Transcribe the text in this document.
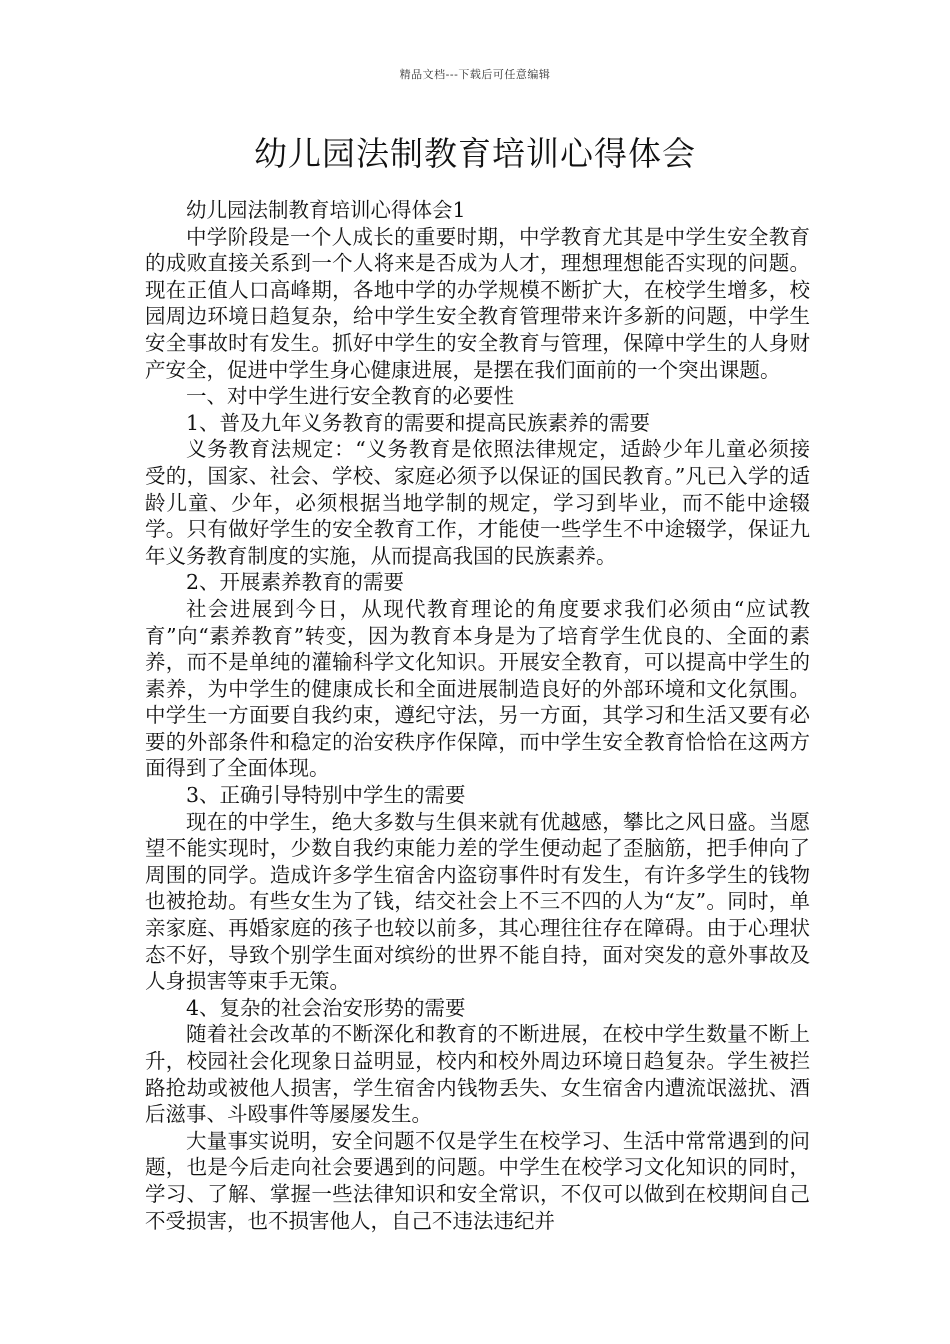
精品文档---下载后可任意编辑
幼儿园法制教育培训心得体会

幼儿园法制教育培训心得体会1

中学阶段是一个人成长的重要时期，中学教育尤其是中学生安全教育的成败直接关系到一个人将来是否成为人才，理想理想能否实现的问题。现在正值人口高峰期，各地中学的办学规模不断扩大，在校学生增多，校园周边环境日趋复杂，给中学生安全教育管理带来许多新的问题，中学生安全事故时有发生。抓好中学生的安全教育与管理，保障中学生的人身财产安全，促进中学生身心健康进展，是摆在我们面前的一个突出课题。

一、对中学生进行安全教育的必要性

1、普及九年义务教育的需要和提高民族素养的需要

义务教育法规定：“义务教育是依照法律规定，适龄少年儿童必须接受的，国家、社会、学校、家庭必须予以保证的国民教育。”凡已入学的适龄儿童、少年，必须根据当地学制的规定，学习到毕业，而不能中途辍学。只有做好学生的安全教育工作，才能使一些学生不中途辍学，保证九年义务教育制度的实施，从而提高我国的民族素养。

2、开展素养教育的需要

社会进展到今日，从现代教育理论的角度要求我们必须由“应试教育”向“素养教育”转变，因为教育本身是为了培育学生优良的、全面的素养，而不是单纯的灌输科学文化知识。开展安全教育，可以提高中学生的素养，为中学生的健康成长和全面进展制造良好的外部环境和文化氛围。中学生一方面要自我约束，遵纪守法，另一方面，其学习和生活又要有必要的外部条件和稳定的治安秩序作保障，而中学生安全教育恰恰在这两方面得到了全面体现。

3、正确引导特别中学生的需要

现在的中学生，绝大多数与生俱来就有优越感，攀比之风日盛。当愿望不能实现时，少数自我约束能力差的学生便动起了歪脑筋，把手伸向了周围的同学。造成许多学生宿舍内盗窃事件时有发生，有许多学生的钱物也被抢劫。有些女生为了钱，结交社会上不三不四的人为“友”。同时，单亲家庭、再婚家庭的孩子也较以前多，其心理往往存在障碍。由于心理状态不好，导致个别学生面对缤纷的世界不能自持，面对突发的意外事故及人身损害等束手无策。

4、复杂的社会治安形势的需要

随着社会改革的不断深化和教育的不断进展，在校中学生数量不断上升，校园社会化现象日益明显，校内和校外周边环境日趋复杂。学生被拦路抢劫或被他人损害，学生宿舍内钱物丢失、女生宿舍内遭流氓滋扰、酒后滋事、斗殴事件等屡屡发生。

大量事实说明，安全问题不仅是学生在校学习、生活中常常遇到的问题，也是今后走向社会要遇到的问题。中学生在校学习文化知识的同时，学习、了解、掌握一些法律知识和安全常识，不仅可以做到在校期间自己不受损害，也不损害他人，自己不违法违纪并
